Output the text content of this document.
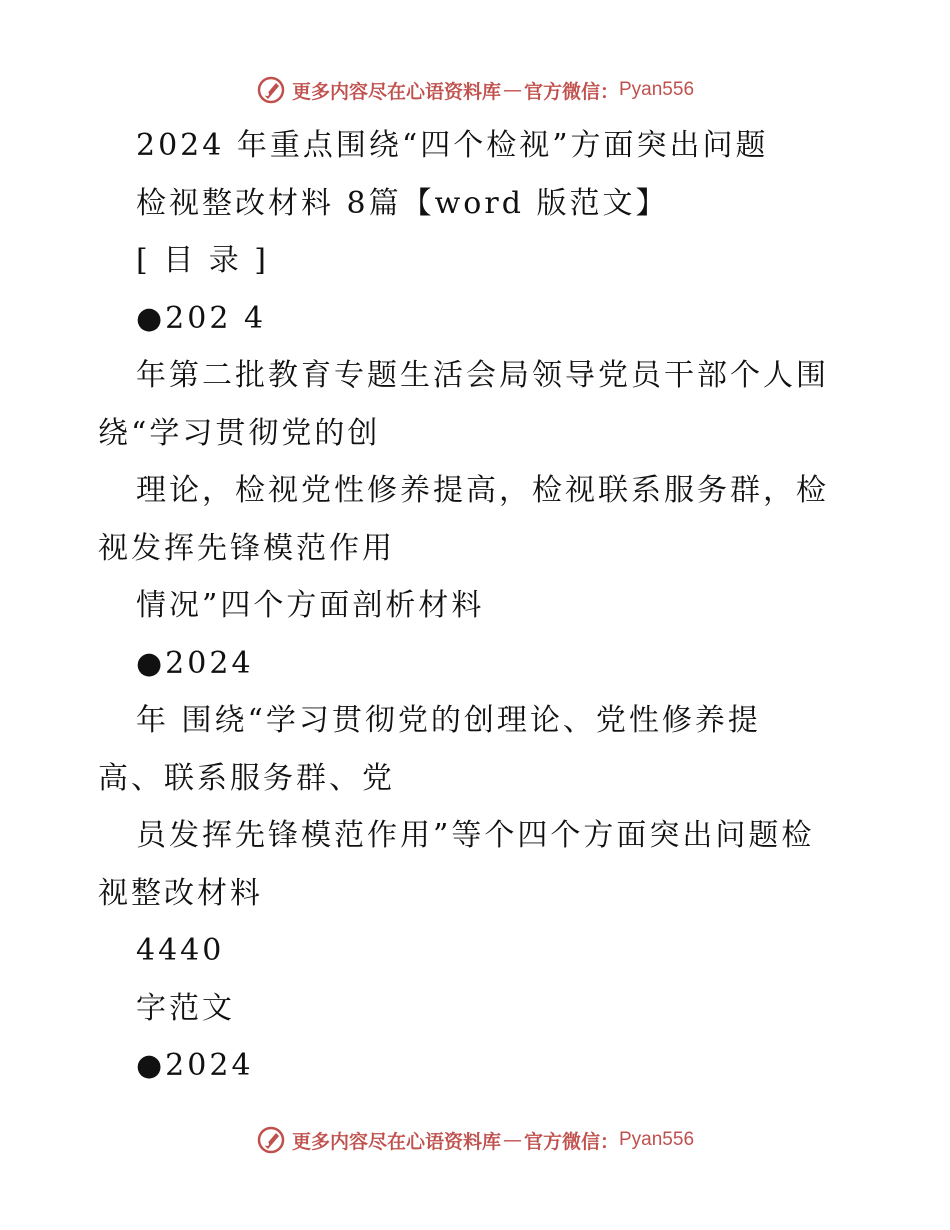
更多内容尽在心语资料库 — 官方微信： Pyan556
2024 年重点围绕“四个检视”方面突出问题
检视整改材料 8篇【word 版范文】
[ 目 录 ]
●202 4
年第二批教育专题生活会局领导党员干部个人围
绕“学习贯彻党的创
理论，检视党性修养提高，检视联系服务群，检
视发挥先锋模范作用
情况”四个方面剖析材料
●2024
年 围绕“学习贯彻党的创理论、党性修养提
高、联系服务群、党
员发挥先锋模范作用”等个四个方面突出问题检
视整改材料
4440
字范文
●2024
更多内容尽在心语资料库 — 官方微信： Pyan556
